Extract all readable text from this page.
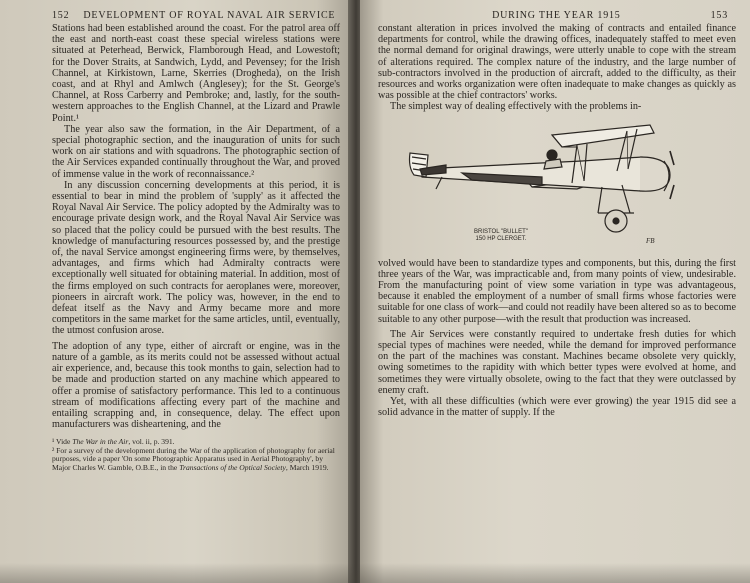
152 DEVELOPMENT OF ROYAL NAVAL AIR SERVICE

Stations had been established around the coast. For the patrol area off the east and north-east coast these special wireless stations were situated at Peterhead, Berwick, Flamborough Head, and Lowestoft; for the Dover Straits, at Sandwich, Lydd, and Pevensey; for the Irish Channel, at Kirkistown, Larne, Skerries (Drogheda), on the Irish coast, and at Rhyl and Amlwch (Anglesey); for the St. George's Channel, at Ross Carberry and Pembroke; and, lastly, for the south-western approaches to the English Channel, at the Lizard and Prawle Point.¹

The year also saw the formation, in the Air Department, of a special photographic section, and the inauguration of units for such work on air stations and with squadrons. The photographic section of the Air Services expanded continually throughout the War, and proved of immense value in the work of reconnaissance.²

In any discussion concerning developments at this period, it is essential to bear in mind the problem of 'supply' as it affected the Royal Naval Air Service. The policy adopted by the Admiralty was to encourage private design work, and the Royal Naval Air Service was so placed that the policy could be pursued with the best results. The knowledge of manufacturing resources possessed by, and the prestige of, the naval Service amongst engineering firms were, by themselves, advantages, and firms which had Admiralty contracts were exceptionally well situated for obtaining material. In addition, most of the firms employed on such contracts for aeroplanes were, moreover, pioneers in aircraft work. The policy was, however, in the end to defeat itself as the Navy and Army became more and more competitors in the same market for the same articles, until, eventually, the utmost confusion arose.

The adoption of any type, either of aircraft or engine, was in the nature of a gamble, as its merits could not be assessed without actual air experience, and, because this took months to gain, selection had to be made and production started on any machine which appeared to offer a promise of satisfactory performance. This led to a continuous stream of modifications affecting every part of the machine and entailing scrapping and, in consequence, delay. The effect upon manufacturers was disheartening, and the

¹ Vide The War in the Air, vol. ii, p. 391.
² For a survey of the development during the War of the application of photography for aerial purposes, vide a paper 'On some Photographic Apparatus used in Aerial Photography', by Major Charles W. Gamble, O.B.E., in the Transactions of the Optical Society, March 1919.
DURING THE YEAR 1915	153

constant alteration in prices involved the making of contracts and entailed finance departments for control, while the drawing offices, inadequately staffed to meet even the normal demand for original drawings, were utterly unable to cope with the stream of alterations required. The complex nature of the industry, and the large number of sub-contractors involved in the production of aircraft, added to the difficulty, as their resources and works organization were often inadequate to make changes as quickly as was possible at the chief contractors' works.

The simplest way of dealing effectively with the problems in-

BRISTOL "BULLET"
150 HP CLERGET.	FB

volved would have been to standardize types and components, but this, during the first three years of the War, was impracticable and, from many points of view, undesirable. From the manufacturing point of view some variation in type was advantageous, because it enabled the employment of a number of small firms whose factories were suitable for one class of work—and could not readily have been altered so as to become suitable to any other purpose—with the result that production was increased.

The Air Services were constantly required to undertake fresh duties for which special types of machines were needed, while the demand for improved performance on the part of the machines was constant. Machines became obsolete very quickly, owing sometimes to the rapidity with which better types were evolved at home, and sometimes they were virtually obsolete, owing to the fact that they were outclassed by enemy craft.

Yet, with all these difficulties (which were ever growing) the year 1915 did see a solid advance in the matter of supply. If the
